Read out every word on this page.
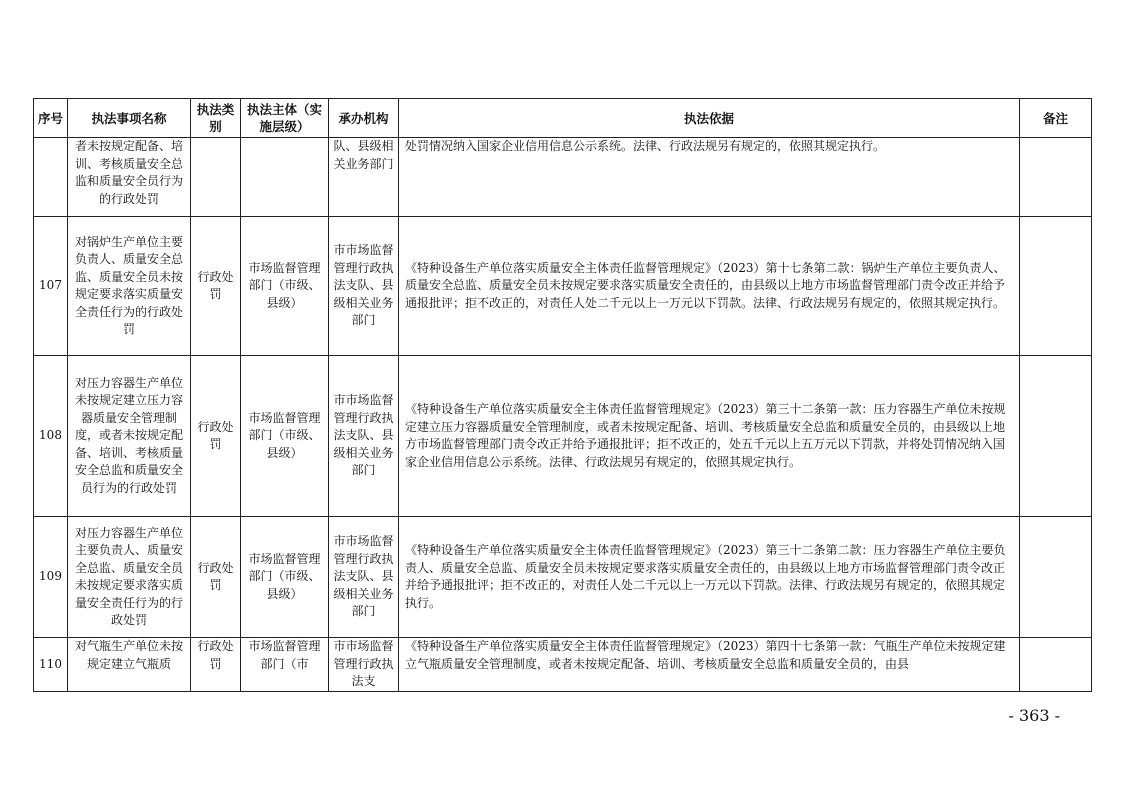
序号	执法事项名称	执法类别	执法主体（实施层级）	承办机构	执法依据	备注
	者未按规定配备、培训、考核质量安全总监和质量安全员行为的行政处罚			队、县级相关业务部门	处罚情况纳入国家企业信用信息公示系统。法律、行政法规另有规定的，依照其规定执行。	
107	对锅炉生产单位主要负责人、质量安全总监、质量安全员未按规定要求落实质量安全责任行为的行政处罚	行政处罚	市场监督管理部门（市级、县级）	市市场监督管理行政执法支队、县级相关业务部门	《特种设备生产单位落实质量安全主体责任监督管理规定》（2023）第十七条第二款：锅炉生产单位主要负责人、质量安全总监、质量安全员未按规定要求落实质量安全责任的，由县级以上地方市场监督管理部门责令改正并给予通报批评；拒不改正的，对责任人处二千元以上一万元以下罚款。法律、行政法规另有规定的，依照其规定执行。	
108	对压力容器生产单位未按规定建立压力容器质量安全管理制度，或者未按规定配备、培训、考核质量安全总监和质量安全员行为的行政处罚	行政处罚	市场监督管理部门（市级、县级）	市市场监督管理行政执法支队、县级相关业务部门	《特种设备生产单位落实质量安全主体责任监督管理规定》（2023）第三十二条第一款：压力容器生产单位未按规定建立压力容器质量安全管理制度，或者未按规定配备、培训、考核质量安全总监和质量安全员的，由县级以上地方市场监督管理部门责令改正并给予通报批评；拒不改正的，处五千元以上五万元以下罚款，并将处罚情况纳入国家企业信用信息公示系统。法律、行政法规另有规定的，依照其规定执行。	
109	对压力容器生产单位主要负责人、质量安全总监、质量安全员未按规定要求落实质量安全责任行为的行政处罚	行政处罚	市场监督管理部门（市级、县级）	市市场监督管理行政执法支队、县级相关业务部门	《特种设备生产单位落实质量安全主体责任监督管理规定》（2023）第三十二条第二款：压力容器生产单位主要负责人、质量安全总监、质量安全员未按规定要求落实质量安全责任的，由县级以上地方市场监督管理部门责令改正并给予通报批评；拒不改正的，对责任人处二千元以上一万元以下罚款。法律、行政法规另有规定的，依照其规定执行。	
110	对气瓶生产单位未按规定建立气瓶质	行政处罚	市场监督管理部门（市	市市场监督管理行政执法支	《特种设备生产单位落实质量安全主体责任监督管理规定》（2023）第四十七条第一款：气瓶生产单位未按规定建立气瓶质量安全管理制度，或者未按规定配备、培训、考核质量安全总监和质量安全员的，由县	
- 363 -
